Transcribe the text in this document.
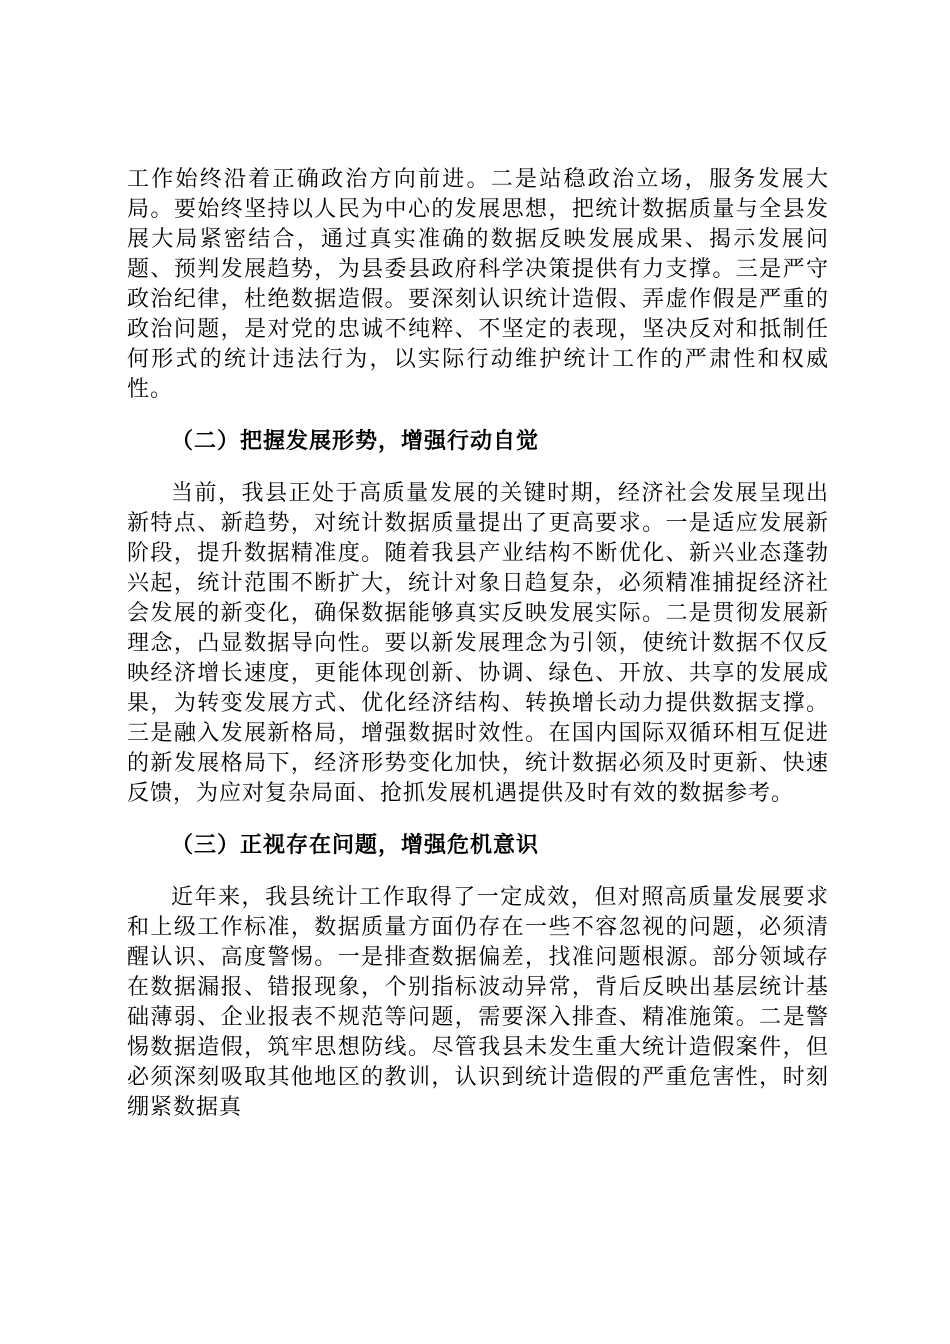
工作始终沿着正确政治方向前进。二是站稳政治立场，服务发展大局。要始终坚持以人民为中心的发展思想，把统计数据质量与全县发展大局紧密结合，通过真实准确的数据反映发展成果、揭示发展问题、预判发展趋势，为县委县政府科学决策提供有力支撑。三是严守政治纪律，杜绝数据造假。要深刻认识统计造假、弄虚作假是严重的政治问题，是对党的忠诚不纯粹、不坚定的表现，坚决反对和抵制任何形式的统计违法行为，以实际行动维护统计工作的严肃性和权威性。

（二）把握发展形势，增强行动自觉

当前，我县正处于高质量发展的关键时期，经济社会发展呈现出新特点、新趋势，对统计数据质量提出了更高要求。一是适应发展新阶段，提升数据精准度。随着我县产业结构不断优化、新兴业态蓬勃兴起，统计范围不断扩大，统计对象日趋复杂，必须精准捕捉经济社会发展的新变化，确保数据能够真实反映发展实际。二是贯彻发展新理念，凸显数据导向性。要以新发展理念为引领，使统计数据不仅反映经济增长速度，更能体现创新、协调、绿色、开放、共享的发展成果，为转变发展方式、优化经济结构、转换增长动力提供数据支撑。三是融入发展新格局，增强数据时效性。在国内国际双循环相互促进的新发展格局下，经济形势变化加快，统计数据必须及时更新、快速反馈，为应对复杂局面、抢抓发展机遇提供及时有效的数据参考。

（三）正视存在问题，增强危机意识

近年来，我县统计工作取得了一定成效，但对照高质量发展要求和上级工作标准，数据质量方面仍存在一些不容忽视的问题，必须清醒认识、高度警惕。一是排查数据偏差，找准问题根源。部分领域存在数据漏报、错报现象，个别指标波动异常，背后反映出基层统计基础薄弱、企业报表不规范等问题，需要深入排查、精准施策。二是警惕数据造假，筑牢思想防线。尽管我县未发生重大统计造假案件，但必须深刻吸取其他地区的教训，认识到统计造假的严重危害性，时刻绷紧数据真
